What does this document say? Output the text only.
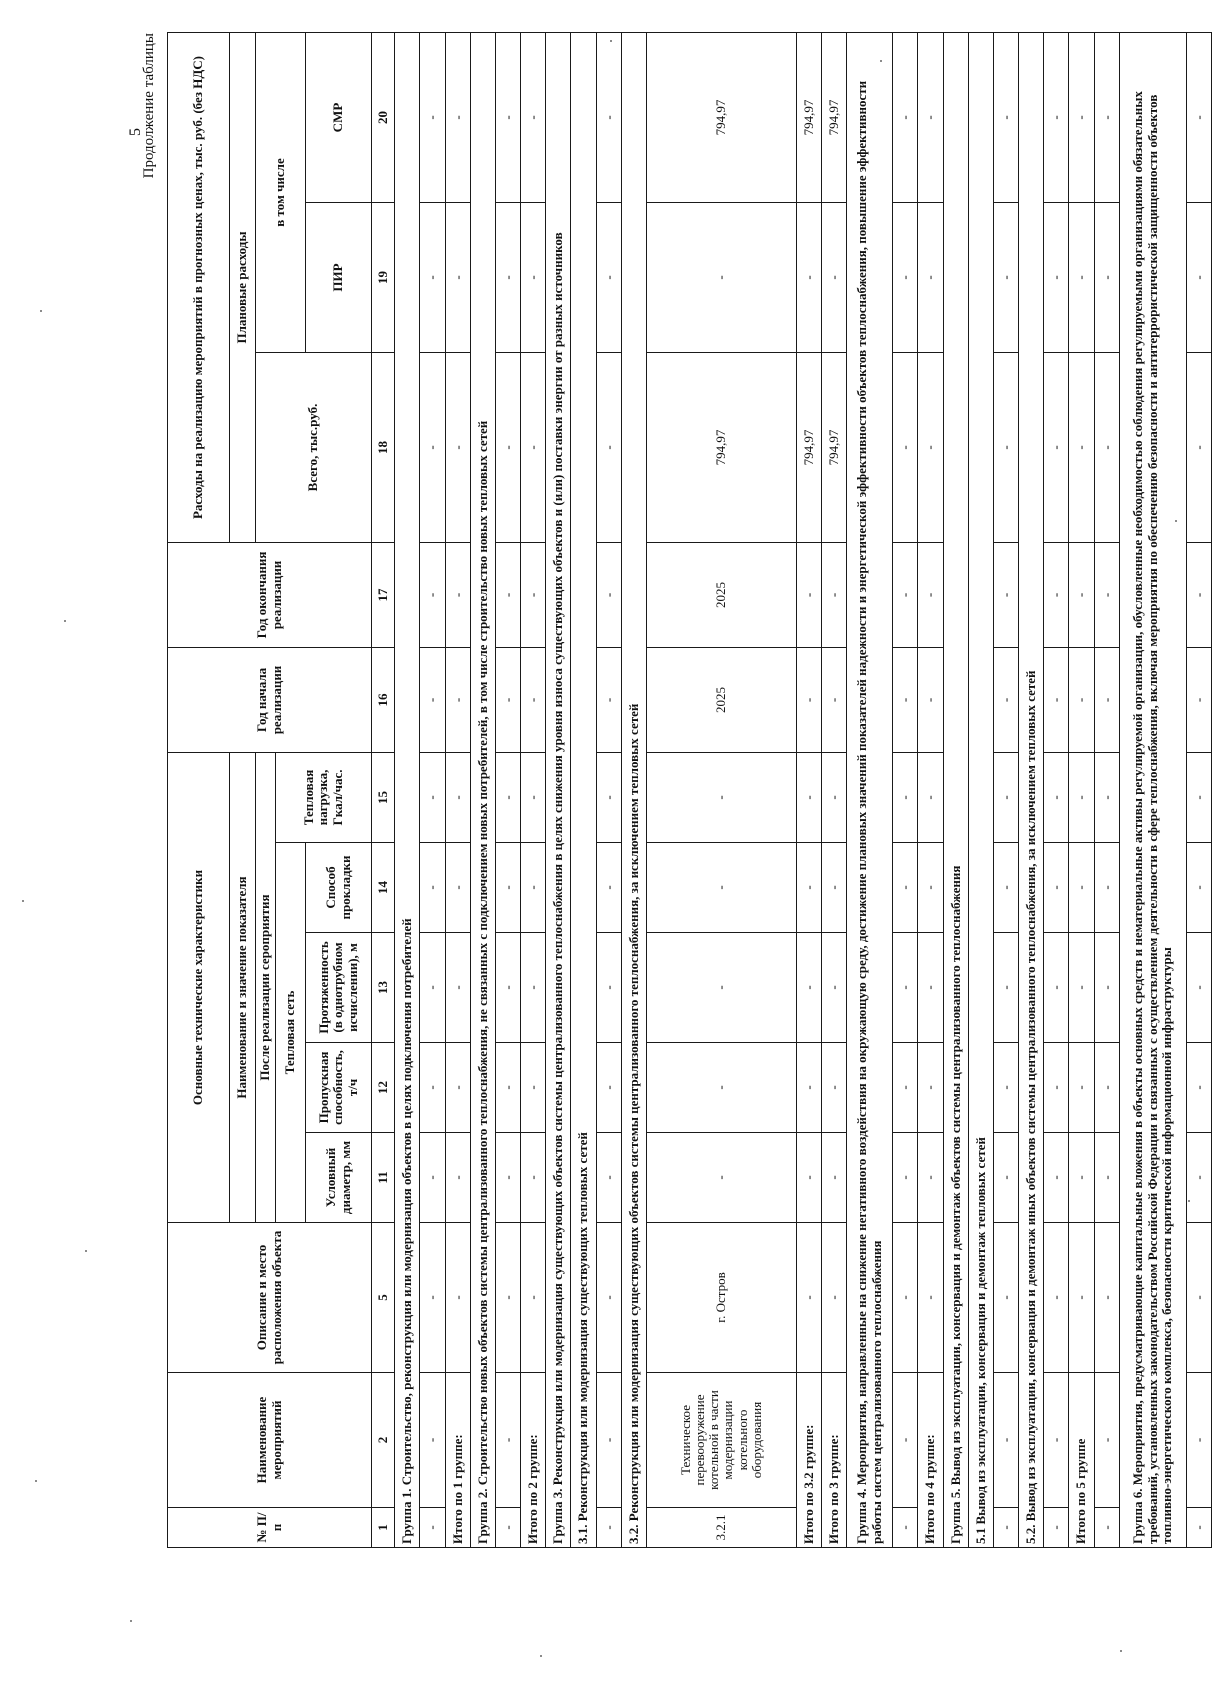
5
Продолжение таблицы
№ П/п	Наименование мероприятий	Описание и место расположения объекта	Основные технические характеристики					Год начала реализации	Год окончания реализации	Расходы на реализацию мероприятий в прогнозных ценах, тыс. руб. (без НДС)		
			Наименование и значение показателя							Плановые расходы		
			После реализации сероприятия							Всего, тыс.руб.	в том числе	
			Тепловая сеть				Тепловая нагрузка, Гкал/час.					
			Условный диаметр, мм	Пропускная способность, т/ч	Протяженность (в однотрубном исчислении), м	Способ прокладки					ПИР	СМР
1	2	5	11	12	13	14	15	16	17	18	19	20
Группа 1. Строительство, реконструкция или модернизация объектов в целях подключения потребителей												
-	-	-	-	-	-	-	-	-	-	-	-	-
Итого по 1 группе:		-	-	-	-	-	-	-	-	-	-	-
Группа 2. Строительство новых объектов системы централизованного теплоснабжения, не связанных с подключением новых потребителей, в том числе строительство новых тепловых сетей												
-	-	-	-	-	-	-	-	-	-	-	-	-
Итого по 2 группе:		-	-	-	-	-	-	-	-	-	-	-
Группа 3. Реконструкция или модернизация существующих объектов системы централизованного теплоснабжения в целях снижения уровня износа существующих объектов и (или) поставки энергии от разных источников												
3.1. Реконструкция или модернизация существующих тепловых сетей												
-	-	-	-	-	-	-	-	-	-	-	-	-
3.2. Реконструкция или модернизация существующих объектов системы централизованного теплоснабжения, за исключением тепловых сетей												
3.2.1	Техническое перевооружение котельной в части модернизации котельного оборудования	г. Остров	-	-	-	-	-	2025	2025	794,97	-	794,97
Итого по 3.2 группе:		-	-	-	-	-	-	-	-	794,97	-	794,97
Итого по 3 группе:		-	-	-	-	-	-	-	-	794,97	-	794,97
Группа 4. Мероприятия, направленные на снижение негативного воздействия на окружающую среду, достижение плановых значений показателей надежности и энергетической эффективности объектов теплоснабжения, повышение эффективности работы систем централизованного теплоснабжения												
-	-	-	-	-	-	-	-	-	-	-	-	-
Итого по 4 группе:		-	-	-	-	-	-	-	-	-	-	-
Группа 5. Вывод из эксплуатации, консервация и демонтаж объектов системы централизованного теплоснабжения												
5.1 Вывод из эксплуатации, консервация и демонтаж тепловых сетей												
-	-	-	-	-	-	-	-	-	-	-	-	-
5.2. Вывод из эксплуатации, консервация и демонтаж иных объектов системы централизованного теплоснабжения, за исключением тепловых сетей												
-	-	-	-	-	-	-	-	-	-	-	-	-
Итого по 5 группе		-	-	-	-	-	-	-	-	-	-	-
-	-	-	-	-	-	-	-	-	-	-	-	-
Группа 6. Мероприятия, предусматривающие капитальные вложения в объекты основных средств и нематериальные активы регулируемой организации, обусловленные необходимостью соблюдения регулируемыми организациями обязательных требований, установленных законодательством Российской Федерации и связанных с осуществлением деятельности в сфере теплоснабжения, включая мероприятия по обеспечению безопасности и антитеррористической защищенности объектов топливно-энергетического комплекса, безопасности критической информационной инфраструктуры												
-	-	-	-	-	-	-	-	-	-	-	-	-
